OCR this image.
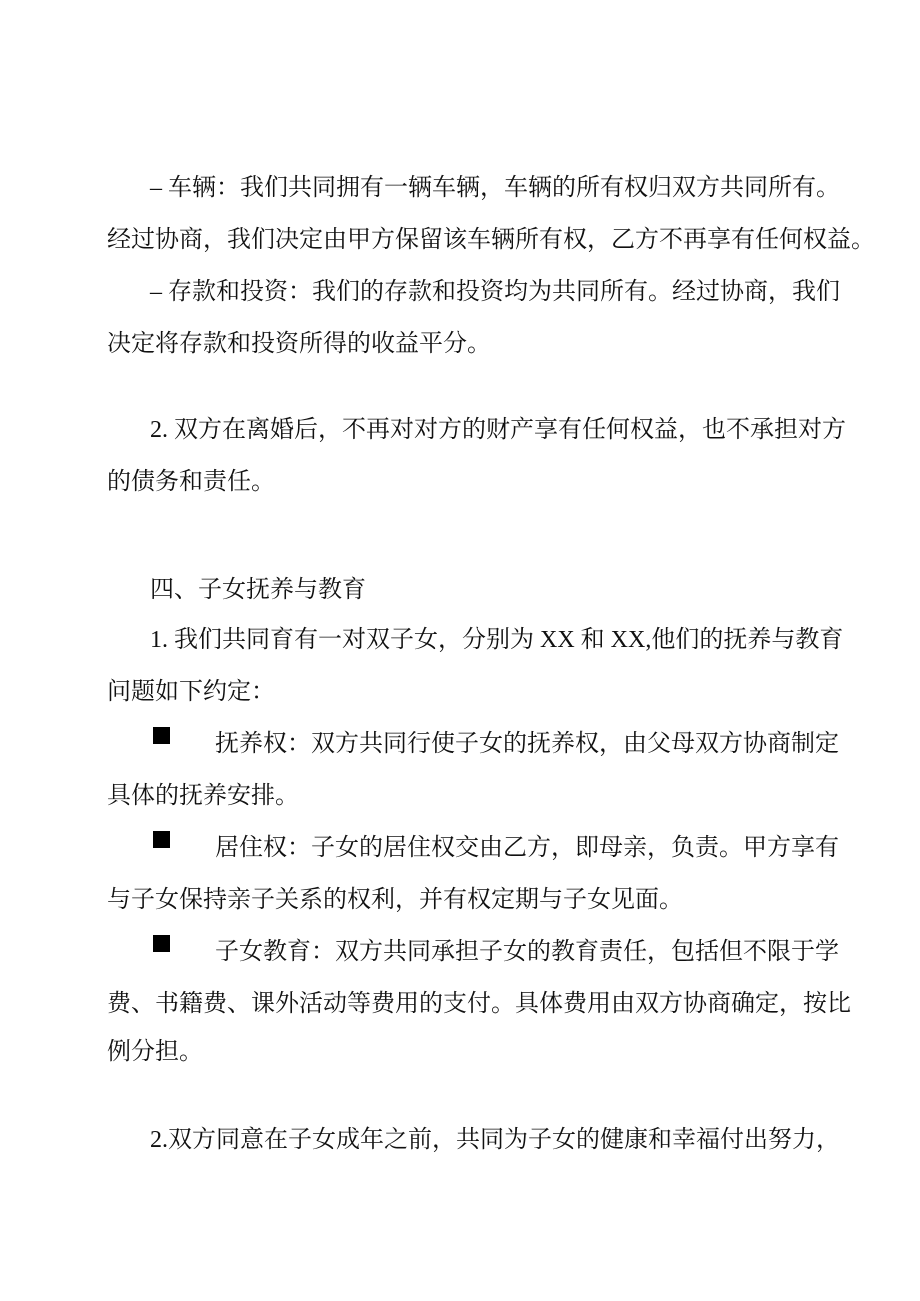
– 车辆：我们共同拥有一辆车辆，车辆的所有权归双方共同所有。
经过协商，我们决定由甲方保留该车辆所有权，乙方不再享有任何权益。
– 存款和投资：我们的存款和投资均为共同所有。经过协商，我们
决定将存款和投资所得的收益平分。
2. 双方在离婚后，不再对对方的财产享有任何权益，也不承担对方
的债务和责任。
四、子女抚养与教育
1. 我们共同育有一对双子女，分别为 XX 和 XX,他们的抚养与教育
问题如下约定：
抚养权：双方共同行使子女的抚养权，由父母双方协商制定
具体的抚养安排。
居住权：子女的居住权交由乙方，即母亲，负责。甲方享有
与子女保持亲子关系的权利，并有权定期与子女见面。
子女教育：双方共同承担子女的教育责任，包括但不限于学
费、书籍费、课外活动等费用的支付。具体费用由双方协商确定，按比
例分担。
2.双方同意在子女成年之前，共同为子女的健康和幸福付出努力，
